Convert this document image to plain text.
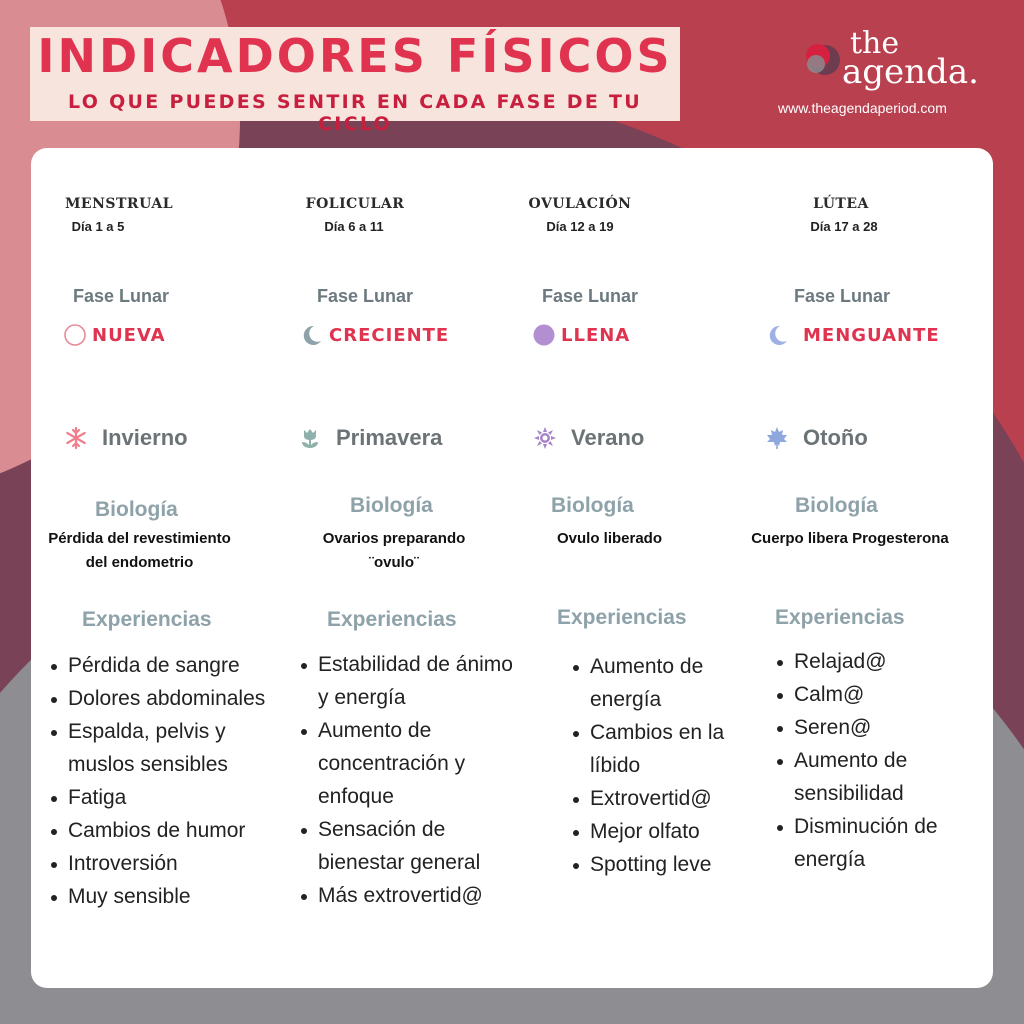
INDICADORES FÍSICOS
LO QUE PUEDES SENTIR EN CADA FASE DE TU CICLO
the
agenda.
www.theagendaperiod.com
MENSTRUAL
Día 1 a 5
Fase Lunar
NUEVA
Invierno
Biología
Pérdida del revestimiento
del endometrio
Experiencias
Pérdida de sangre
Dolores abdominales
Espalda, pelvis y
muslos sensibles
Fatiga
Cambios de humor
Introversión
Muy sensible
FOLICULAR
Día 6 a 11
Fase Lunar
CRECIENTE
Primavera
Biología
Ovarios preparando
¨ovulo¨
Experiencias
Estabilidad de ánimo
y energía
Aumento de
concentración y
enfoque
Sensación de
bienestar general
Más extrovertid@
OVULACIÓN
Día 12 a 19
Fase Lunar
LLENA
Verano
Biología
Ovulo liberado
Experiencias
Aumento de
energía
Cambios en la
líbido
Extrovertid@
Mejor olfato
Spotting leve
LÚTEA
Día 17 a 28
Fase Lunar
MENGUANTE
Otoño
Biología
Cuerpo libera Progesterona
Experiencias
Relajad@
Calm@
Seren@
Aumento de
sensibilidad
Disminución de
energía
